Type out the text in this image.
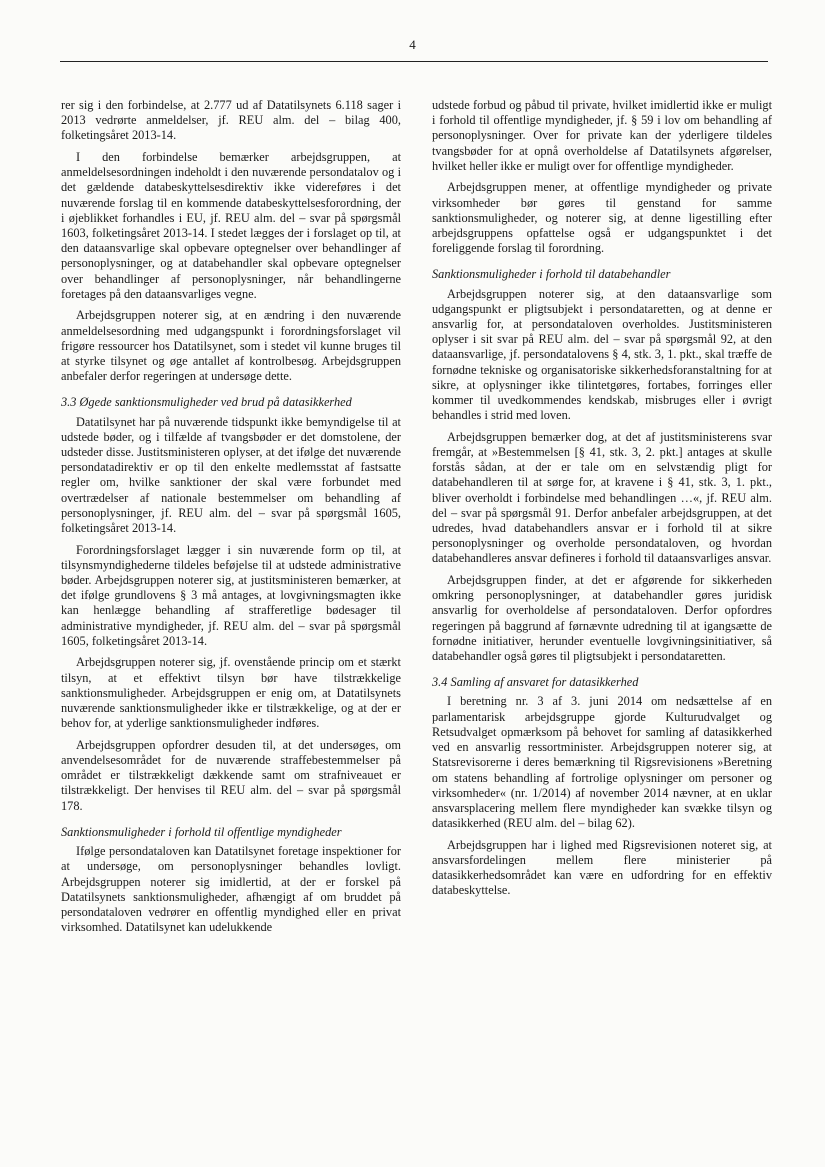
4

rer sig i den forbindelse, at 2.777 ud af Datatilsynets 6.118 sager i 2013 vedrørte anmeldelser, jf. REU alm. del – bilag 400, folketingsåret 2013-14.

I den forbindelse bemærker arbejdsgruppen, at anmeldelsesordningen indeholdt i den nuværende persondatalov og i det gældende databeskyttelsesdirektiv ikke videreføres i det nuværende forslag til en kommende databeskyttelsesforordning, der i øjeblikket forhandles i EU, jf. REU alm. del – svar på spørgsmål 1603, folketingsåret 2013-14. I stedet lægges der i forslaget op til, at den dataansvarlige skal opbevare optegnelser over behandlinger af personoplysninger, og at databehandler skal opbevare optegnelser over behandlinger af personoplysninger, når behandlingerne foretages på den dataansvarliges vegne.

Arbejdsgruppen noterer sig, at en ændring i den nuværende anmeldelsesordning med udgangspunkt i forordningsforslaget vil frigøre ressourcer hos Datatilsynet, som i stedet vil kunne bruges til at styrke tilsynet og øge antallet af kontrolbesøg. Arbejdsgruppen anbefaler derfor regeringen at undersøge dette.

3.3 Øgede sanktionsmuligheder ved brud på datasikkerhed

Datatilsynet har på nuværende tidspunkt ikke bemyndigelse til at udstede bøder, og i tilfælde af tvangsbøder er det domstolene, der udsteder disse. Justitsministeren oplyser, at det ifølge det nuværende persondatadirektiv er op til den enkelte medlemsstat af fastsatte regler om, hvilke sanktioner der skal være forbundet med overtrædelser af nationale bestemmelser om behandling af personoplysninger, jf. REU alm. del – svar på spørgsmål 1605, folketingsåret 2013-14.

Forordningsforslaget lægger i sin nuværende form op til, at tilsynsmyndighederne tildeles beføjelse til at udstede administrative bøder. Arbejdsgruppen noterer sig, at justitsministeren bemærker, at det ifølge grundlovens § 3 må antages, at lovgivningsmagten ikke kan henlægge behandling af strafferetlige bødesager til administrative myndigheder, jf. REU alm. del – svar på spørgsmål 1605, folketingsåret 2013-14.

Arbejdsgruppen noterer sig, jf. ovenstående princip om et stærkt tilsyn, at et effektivt tilsyn bør have tilstrækkelige sanktionsmuligheder. Arbejdsgruppen er enig om, at Datatilsynets nuværende sanktionsmuligheder ikke er tilstrækkelige, og at der er behov for, at yderlige sanktionsmuligheder indføres.

Arbejdsgruppen opfordrer desuden til, at det undersøges, om anvendelsesområdet for de nuværende straffebestemmelser på området er tilstrækkeligt dækkende samt om strafniveauet er tilstrækkeligt. Der henvises til REU alm. del – svar på spørgsmål 178.

Sanktionsmuligheder i forhold til offentlige myndigheder

Ifølge persondataloven kan Datatilsynet foretage inspektioner for at undersøge, om personoplysninger behandles lovligt. Arbejdsgruppen noterer sig imidlertid, at der er forskel på Datatilsynets sanktionsmuligheder, afhængigt af om bruddet på persondataloven vedrører en offentlig myndighed eller en privat virksomhed. Datatilsynet kan udelukkende

udstede forbud og påbud til private, hvilket imidlertid ikke er muligt i forhold til offentlige myndigheder, jf. § 59 i lov om behandling af personoplysninger. Over for private kan der yderligere tildeles tvangsbøder for at opnå overholdelse af Datatilsynets afgørelser, hvilket heller ikke er muligt over for offentlige myndigheder.

Arbejdsgruppen mener, at offentlige myndigheder og private virksomheder bør gøres til genstand for samme sanktionsmuligheder, og noterer sig, at denne ligestilling efter arbejdsgruppens opfattelse også er udgangspunktet i det foreliggende forslag til forordning.

Sanktionsmuligheder i forhold til databehandler

Arbejdsgruppen noterer sig, at den dataansvarlige som udgangspunkt er pligtsubjekt i persondataretten, og at denne er ansvarlig for, at persondataloven overholdes. Justitsministeren oplyser i sit svar på REU alm. del – svar på spørgsmål 92, at den dataansvarlige, jf. persondatalovens § 4, stk. 3, 1. pkt., skal træffe de fornødne tekniske og organisatoriske sikkerhedsforanstaltning for at sikre, at oplysninger ikke tilintetgøres, fortabes, forringes eller kommer til uvedkommendes kendskab, misbruges eller i øvrigt behandles i strid med loven.

Arbejdsgruppen bemærker dog, at det af justitsministerens svar fremgår, at »Bestemmelsen [§ 41, stk. 3, 2. pkt.] antages at skulle forstås sådan, at der er tale om en selvstændig pligt for databehandleren til at sørge for, at kravene i § 41, stk. 3, 1. pkt., bliver overholdt i forbindelse med behandlingen …«, jf. REU alm. del – svar på spørgsmål 91. Derfor anbefaler arbejdsgruppen, at det udredes, hvad databehandlers ansvar er i forhold til at sikre personoplysninger og overholde persondataloven, og hvordan databehandleres ansvar defineres i forhold til dataansvarliges ansvar.

Arbejdsgruppen finder, at det er afgørende for sikkerheden omkring personoplysninger, at databehandler gøres juridisk ansvarlig for overholdelse af persondataloven. Derfor opfordres regeringen på baggrund af førnævnte udredning til at igangsætte de fornødne initiativer, herunder eventuelle lovgivningsinitiativer, så databehandler også gøres til pligtsubjekt i persondataretten.

3.4 Samling af ansvaret for datasikkerhed

I beretning nr. 3 af 3. juni 2014 om nedsættelse af en parlamentarisk arbejdsgruppe gjorde Kulturudvalget og Retsudvalget opmærksom på behovet for samling af datasikkerhed ved en ansvarlig ressortminister. Arbejdsgruppen noterer sig, at Statsrevisorerne i deres bemærkning til Rigsrevisionens »Beretning om statens behandling af fortrolige oplysninger om personer og virksomheder« (nr. 1/2014) af november 2014 nævner, at en uklar ansvarsplacering mellem flere myndigheder kan svække tilsyn og datasikkerhed (REU alm. del – bilag 62).

Arbejdsgruppen har i lighed med Rigsrevisionen noteret sig, at ansvarsfordelingen mellem flere ministerier på datasikkerhedsområdet kan være en udfordring for en effektiv databeskyttelse.
